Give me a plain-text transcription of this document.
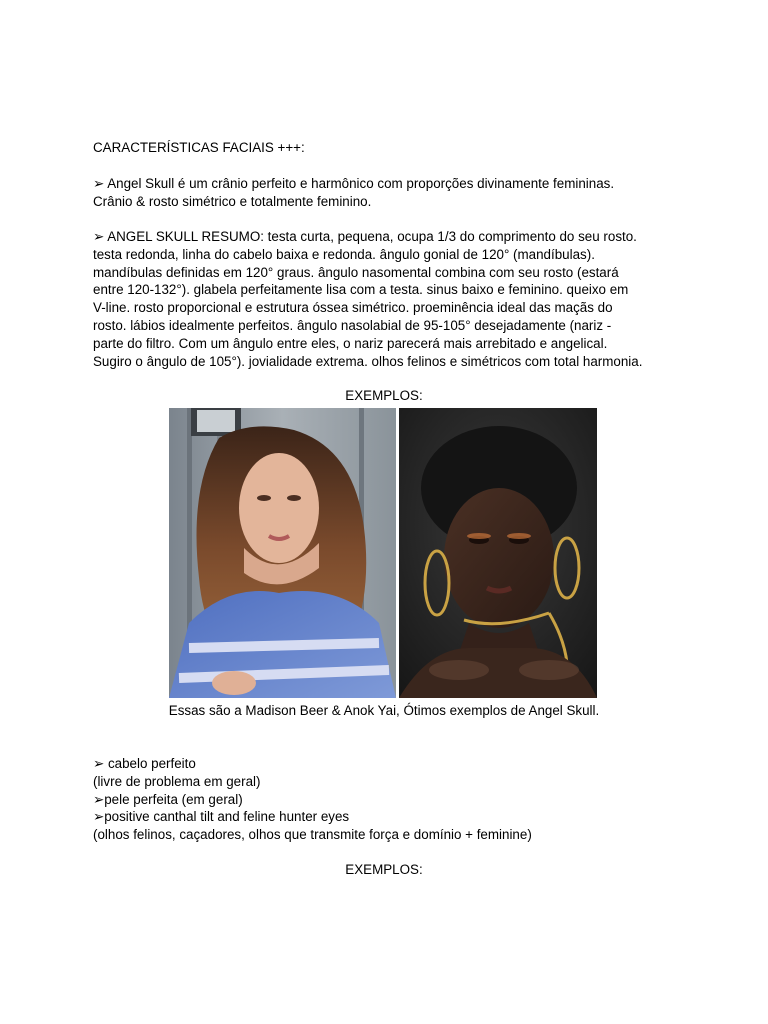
CARACTERÍSTICAS FACIAIS +++:
➢ Angel Skull é um crânio perfeito e harmônico com proporções divinamente femininas.
Crânio & rosto simétrico e totalmente feminino.
➢ ANGEL SKULL RESUMO: testa curta, pequena, ocupa 1/3 do comprimento do seu rosto.
testa redonda, linha do cabelo baixa e redonda. ângulo gonial de 120° (mandíbulas).
mandíbulas definidas em 120° graus. ângulo nasomental combina com seu rosto (estará
entre 120-132°). glabela perfeitamente lisa com a testa. sinus baixo e feminino. queixo em
V-line. rosto proporcional e estrutura óssea simétrico. proeminência ideal das maçãs do
rosto. lábios idealmente perfeitos. ângulo nasolabial de 95-105° desejadamente (nariz -
parte do filtro. Com um ângulo entre eles, o nariz parecerá mais arrebitado e angelical.
Sugiro o ângulo de 105°). jovialidade extrema. olhos felinos e simétricos com total harmonia.
EXEMPLOS:
Essas são a Madison Beer & Anok Yai, Ótimos exemplos de Angel Skull.
➢ cabelo perfeito
(livre de problema em geral)
➢pele perfeita (em geral)
➢positive canthal tilt and feline hunter eyes
(olhos felinos, caçadores, olhos que transmite força e domínio + feminine)
EXEMPLOS:
